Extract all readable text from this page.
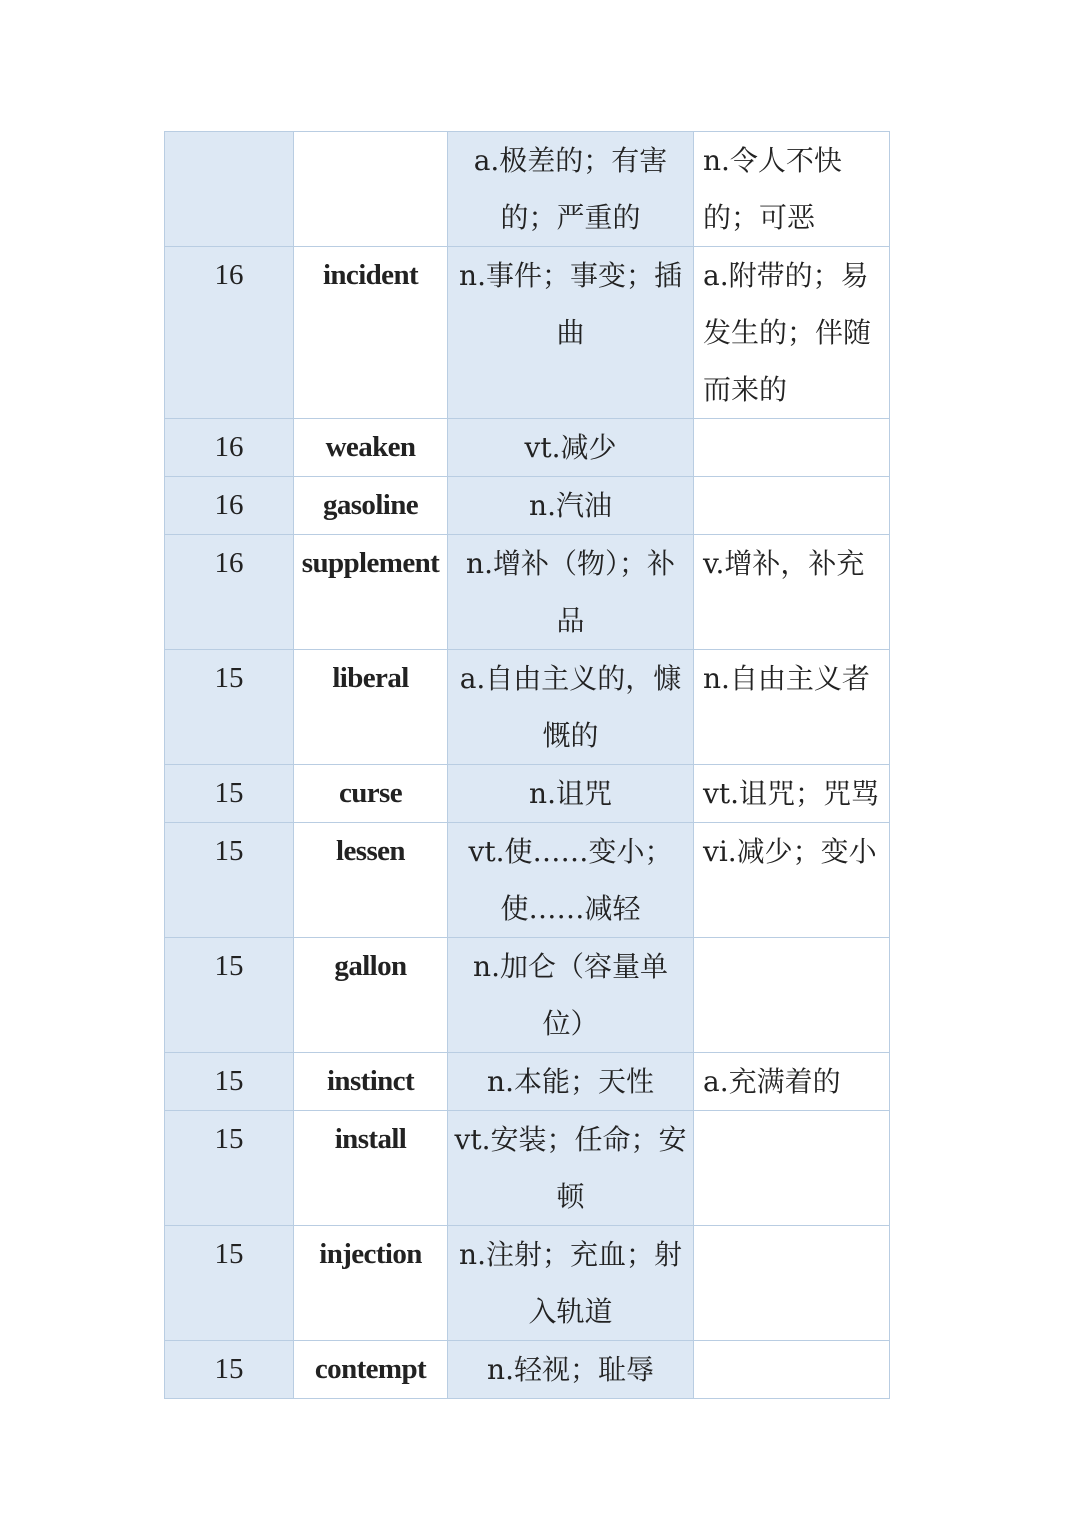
		a.极差的；有害的；严重的	n.令人不快的；可恶
16	incident	n.事件；事变；插曲	a.附带的；易发生的；伴随而来的
16	weaken	vt.减少	
16	gasoline	n.汽油	
16	supplement	n.增补（物）；补品	v.增补，补充
15	liberal	a.自由主义的，慷慨的	n.自由主义者
15	curse	n.诅咒	vt.诅咒；咒骂
15	lessen	vt.使……变小；使……减轻	vi.减少；变小
15	gallon	n.加仑（容量单位）	
15	instinct	n.本能；天性	a.充满着的
15	install	vt.安装；任命；安顿	
15	injection	n.注射；充血；射入轨道	
15	contempt	n.轻视；耻辱	
